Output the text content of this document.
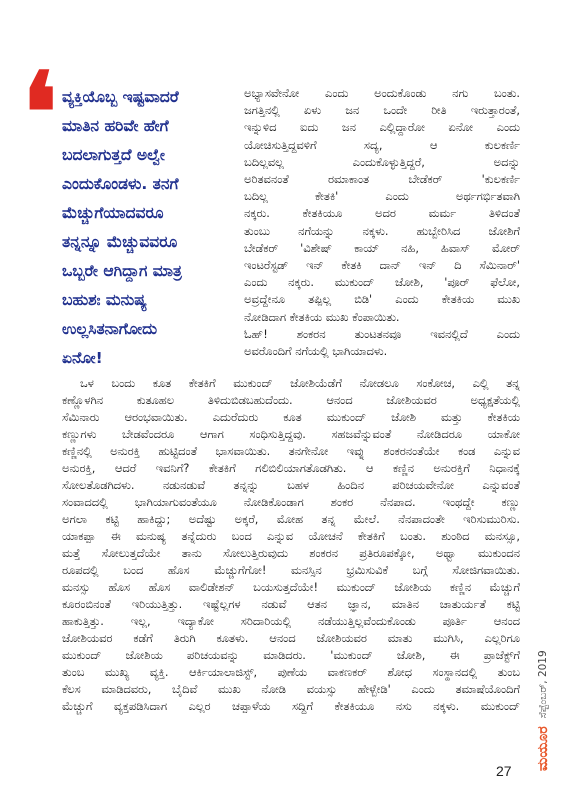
❛ ವ್ಯಕ್ತಿಯೊಬ್ಬ ಇಷ್ಟವಾದರೆ
ಮಾತಿನ ಹರಿವೇ ಹೇಗೆ
ಬದಲಾಗುತ್ತದೆ ಅಲ್ವೇ
ಎಂದುಕೊಂಡಳು. ತನಗೆ
ಮೆಚ್ಚುಗೆಯಾದವರೂ
ತನ್ನನ್ನೂ ಮೆಚ್ಚುವವರೂ
ಒಬ್ಬರೇ ಆಗಿದ್ದಾಗ ಮಾತ್ರ
ಬಹುಶಃ ಮನುಷ್ಯ
ಉಲ್ಲಸಿತನಾಗೋದು
ಏನೋ!
ಅಭ್ಯಾಸವೇನೋ ಎಂದು ಅಂದುಕೊಂಡು ನಗು ಬಂತು.
ಜಗತ್ತಿನಲ್ಲಿ ಏಳು ಜನ ಒಂದೇ ರೀತಿ ಇರುತ್ತಾರಂತೆ,
ಇನ್ನುಳಿದ ಐದು ಜನ ಎಲ್ಲಿದ್ದಾರೋ ಏನೋ ಎಂದು
ಯೋಚಿಸುತ್ತಿದ್ದವಳಿಗೆ ಸದ್ಯ, ಆ ಕುಲಕರ್ಣಿ
ಬದಿಲ್ಲವಲ್ಲ ಎಂದುಕೊಳ್ಳುತ್ತಿದ್ದರೆ, ಅದನ್ನು
ಅರಿತವನಂತೆ ರಮಾಕಾಂತ ಬೇಡೆಕರ್ 'ಕುಲಕರ್ಣಿ
ಬದಿಲ್ಲ ಕೇತಕಿ' ಎಂದು ಅರ್ಥಗರ್ಭಿತವಾಗಿ
ನಕ್ಕರು. ಕೇತಕಿಯೂ ಅದರ ಮರ್ಮ ತಿಳಿದಂತೆ
ತುಂಬು ನಗೆಯನ್ನು ನಕ್ಕಳು. ಹುಬ್ಬೇರಿಸಿದ ಜೋಶಿಗೆ
ಬೇಡೆಕರ್ 'ವಿಶೇಷ್ ಕಾಯ್ ನಹಿ, ಹಿವಾಸ್ ಮೋರ್
ಇಂಟರೆಸ್ಟಡ್ ಇನ್ ಕೇತಕಿ ದಾನ್ ಇನ್ ದಿ ಸೆಮಿನಾರ್'
ಎಂದು ನಕ್ಕರು. ಮುಕುಂದ್ ಜೋಶಿ, 'ಪೂರ್ ಫೆಲೋ,
ಅವ್ರದ್ದೇನೂ ತಪ್ಪಿಲ್ಲ ಬಿಡಿ' ಎಂದು ಕೇತಕಿಯ ಮುಖ
ನೋಡಿದಾಗ ಕೇತಕಿಯ ಮುಖ ಕೆಂಪಾಯಿತು.
ಓಹ್! ಶಂಕರನ ತುಂಟತನವೂ ಇವನಲ್ಲಿದೆ ಎಂದು
ಅವರೊಂದಿಗೆ ನಗೆಯಲ್ಲಿ ಭಾಗಿಯಾದಳು.
ಒಳ ಬಂದು ಕೂತ ಕೇತಕಿಗೆ ಮುಕುಂದ್ ಜೋಶಿಯೆಡೆಗೆ ನೋಡಲೂ ಸಂಕೋಚ, ಎಲ್ಲಿ ತನ್ನ
ಕಣ್ಣೊಳಗಿನ ಕುತೂಹಲ ತಿಳಿದುಬಿಡಬಹುದೆಂದು. ಆನಂದ ಜೋಶಿಯವರ ಅಧ್ಯಕ್ಷತೆಯಲ್ಲಿ
ಸೆಮಿನಾರು ಆರಂಭವಾಯಿತು. ಎದುರೆದುರು ಕೂತ ಮುಕುಂದ್ ಜೋಶಿ ಮತ್ತು ಕೇತಕಿಯ
ಕಣ್ಣುಗಳು ಬೇಡವೆಂದರೂ ಆಗಾಗ ಸಂಧಿಸುತ್ತಿದ್ದವು. ಸಹಜವೆನ್ನುವಂತೆ ನೋಡಿದರೂ ಯಾಕೋ
ಕಣ್ಣಿನಲ್ಲಿ ಅನುರಕ್ತಿ ಹುಟ್ಟಿದಂತೆ ಭಾಸವಾಯಿತು. ತನಗೇನೋ ಇವ್ನು ಶಂಕರನಂತೆಯೇ ಕಂಡ ಎನ್ನುವ
ಅನುರಕ್ತಿ, ಆದರೆ ಇವನಿಗೆ? ಕೇತಕಿಗೆ ಗಲಿಬಿಲಿಯಾಗತೊಡಗಿತು. ಆ ಕಣ್ಣಿನ ಅನುರಕ್ತಿಗೆ ನಿಧಾನಕ್ಕೆ
ಸೋಲತೊಡಗಿದಳು. ನಡುನಡುವೆ ತನ್ನನ್ನು ಬಹಳ ಹಿಂದಿನ ಪರಿಚಯವೇನೋ ಎನ್ನುವಂತೆ
ಸಂವಾದದಲ್ಲಿ ಭಾಗಿಯಾಗುವಂತೆಯೂ ನೋಡಿಕೊಂಡಾಗ ಶಂಕರ ನೆನಪಾದ. ಇಂಥದ್ದೇ ಕಣ್ಣು
ಅಗಲಾ ಕಟ್ಟಿ ಹಾಕಿದ್ದು; ಅದೆಷ್ಟು ಅಕ್ಕರೆ, ಮೋಹ ತನ್ನ ಮೇಲೆ. ನೆನಪಾದಂತೇ ಇರಿಸುಮುರಿಸು.
ಯಾಕಪ್ಪಾ ಈ ಮನುಷ್ಯ ತನ್ನೆದುರು ಬಂದ ಎನ್ನುವ ಯೋಚನೆ ಕೇತಕಿಗೆ ಬಂತು. ಶುಂಠಿದ ಮನಸ್ಸೂ,
ಮತ್ತೆ ಸೋಲುತ್ತದೆಯೇ ತಾನು ಸೋಲುತ್ತಿರುವುದು ಶಂಕರನ ಪ್ರತಿರೂಪಕ್ಕೋ, ಅಥ್ವಾ ಮುಕುಂದನ
ರೂಪದಲ್ಲಿ ಬಂದ ಹೊಸ ಮೆಚ್ಚುಗೆಗೋ! ಮನಸ್ಸಿನ ಭ್ರಮಿಸುವಿಕೆ ಬಗ್ಗೆ ಸೋಜಿಗವಾಯಿತು.
ಮನಸ್ಸು ಹೊಸ ಹೊಸ ವಾಲಿಡೇಶನ್ ಬಯಸುತ್ತದೆಯೇ! ಮುಕುಂದ್ ಜೋಶಿಯ ಕಣ್ಣಿನ ಮೆಚ್ಚುಗೆ
ಕೂರಂಬಿನಂತೆ ಇರಿಯುತ್ತಿತ್ತು. ಇಷ್ಟೆಲ್ಲಗಳ ನಡುವೆ ಆತನ ಜ್ಞಾನ, ಮಾತಿನ ಚಾತುರ್ಯತೆ ಕಟ್ಟಿ
ಹಾಕುತ್ತಿತ್ತು. ಇಲ್ಲ, ಇದ್ಯಾಕೋ ಸರಿದಾರಿಯಲ್ಲಿ ನಡೆಯುತ್ತಿಲ್ಲವೆಂದುಕೊಂಡು ಪೂರ್ತಿ ಆನಂದ
ಜೋಶಿಯವರ ಕಡೆಗೆ ತಿರುಗಿ ಕೂತಳು. ಆನಂದ ಜೋಶಿಯವರ ಮಾತು ಮುಗಿಸಿ, ಎಲ್ಲರಿಗೂ
ಮುಕುಂದ್ ಜೋಶಿಯ ಪರಿಚಯವನ್ನು ಮಾಡಿದರು. 'ಮುಕುಂದ್ ಜೋಶಿ, ಈ ಪ್ರಾಜೆಕ್ಟ್‌ಗೆ
ತುಂಬ ಮುಖ್ಯ ವ್ಯಕ್ತಿ. ಆರ್ಕಿಯಾಲಾಜಿಸ್ಟ್, ಪುಣೆಯ ವಾಕಣಕರ್ ಶೋಧ ಸಂಸ್ಥಾನದಲ್ಲಿ ತುಂಬ
ಕೆಲಸ ಮಾಡಿದವರು, ಬೈದಿವೆ ಮುಖ ನೋಡಿ ವಯಸ್ಸು ಹೇಳ್ಬೇಡಿ' ಎಂದು ತಮಾಷೆಯೊಂದಿಗೆ
ಮೆಚ್ಚುಗೆ ವ್ಯಕ್ತಪಡಿಸಿದಾಗ ಎಲ್ಲರ ಚಪ್ಪಾಳೆಯ ಸದ್ದಿಗೆ ಕೇತಕಿಯೂ ನಸು ನಕ್ಕಳು. ಮುಕುಂದ್
ಮಯೂರ
ಸೆಪ್ಟೆಂಬರ್, 2019
27
